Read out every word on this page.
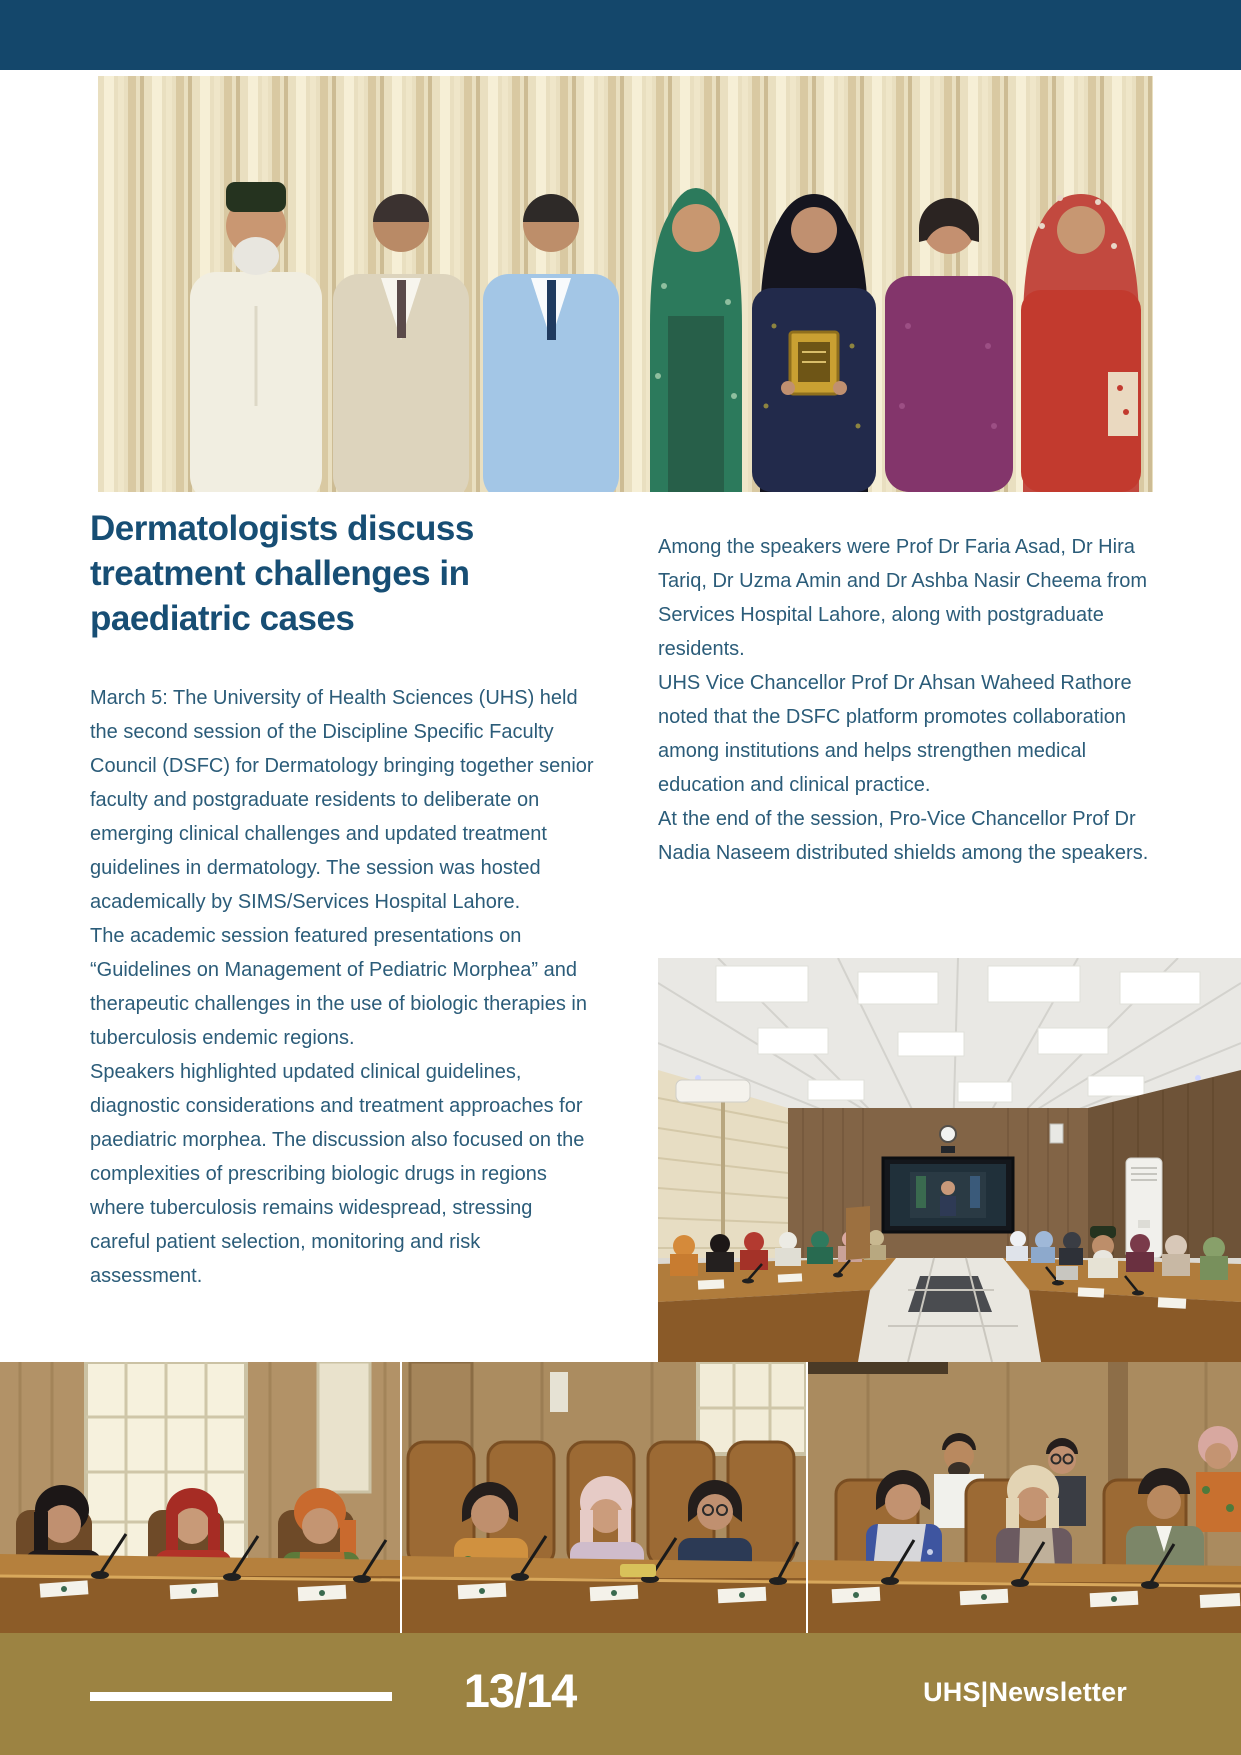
Dermatologists discuss treatment challenges in paediatric cases

March 5: The University of Health Sciences (UHS) held the second session of the Discipline Specific Faculty Council (DSFC) for Dermatology bringing together senior faculty and postgraduate residents to deliberate on emerging clinical challenges and updated treatment guidelines in dermatology. The session was hosted academically by SIMS/Services Hospital Lahore.

The academic session featured presentations on “Guidelines on Management of Pediatric Morphea” and therapeutic challenges in the use of biologic therapies in tuberculosis endemic regions.

Speakers highlighted updated clinical guidelines, diagnostic considerations and treatment approaches for paediatric morphea. The discussion also focused on the complexities of prescribing biologic drugs in regions where tuberculosis remains widespread, stressing careful patient selection, monitoring and risk assessment.

Among the speakers were Prof Dr Faria Asad, Dr Hira Tariq, Dr Uzma Amin and Dr Ashba Nasir Cheema from Services Hospital Lahore, along with postgraduate residents.

UHS Vice Chancellor Prof Dr Ahsan Waheed Rathore noted that the DSFC platform promotes collaboration among institutions and helps strengthen medical education and clinical practice.

At the end of the session, Pro-Vice Chancellor Prof Dr Nadia Naseem distributed shields among the speakers.

13/14	UHS|Newsletter
